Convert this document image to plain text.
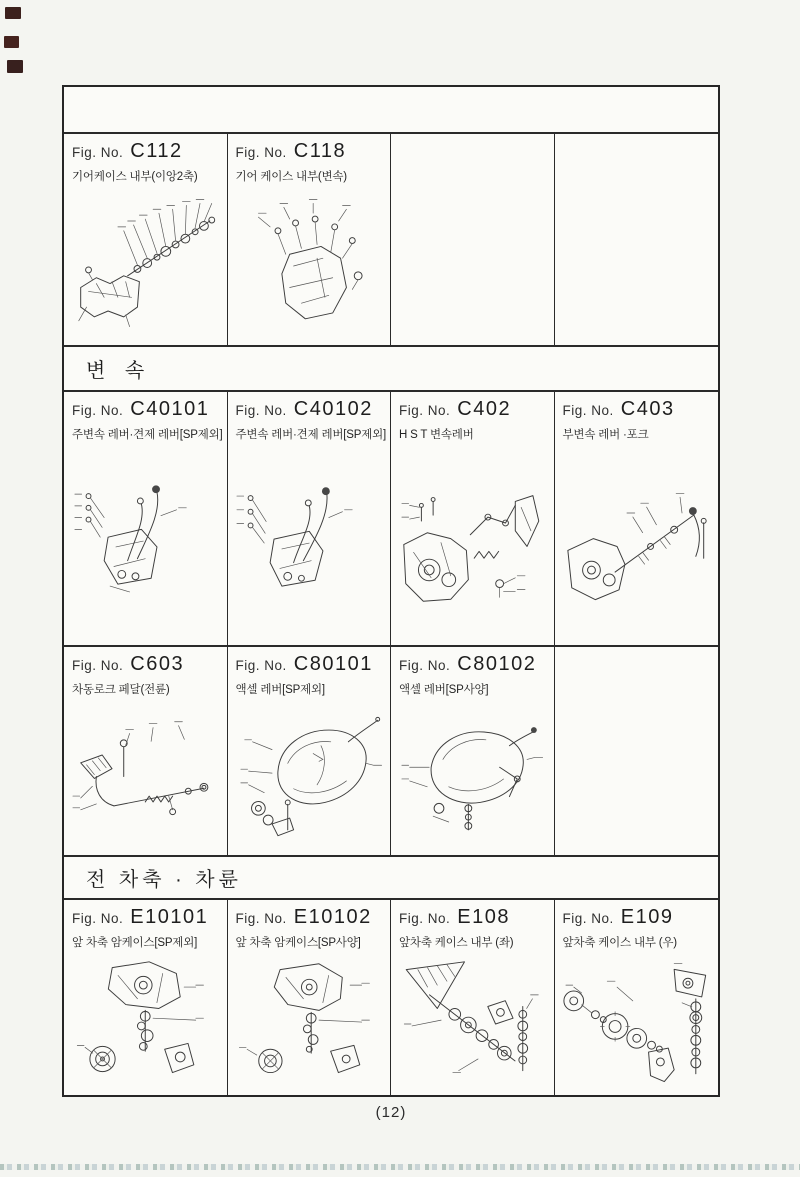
Fig. No. C112
기어케이스 내부(이앙2축)
Fig. No. C118
기어 케이스 내부(변속)
변 속
Fig. No. C40101
주변속 레버·견제 레버[SP제외]
Fig. No. C40102
주변속 레버·견제 레버[SP제외]
Fig. No. C402
H S T 변속레버
Fig. No. C403
부변속 레버 ·포크
Fig. No. C603
차동로크 페달(전륜)
Fig. No. C80101
액셀 레버[SP제외]
Fig. No. C80102
액셀 레버[SP사양]
전 차축 · 차륜
Fig. No. E10101
앞 차축 암케이스[SP제외]
Fig. No. E10102
앞 차축 암케이스[SP사양]
Fig. No. E108
앞차축 케이스 내부 (좌)
Fig. No. E109
앞차축 케이스 내부 (우)
(12)
